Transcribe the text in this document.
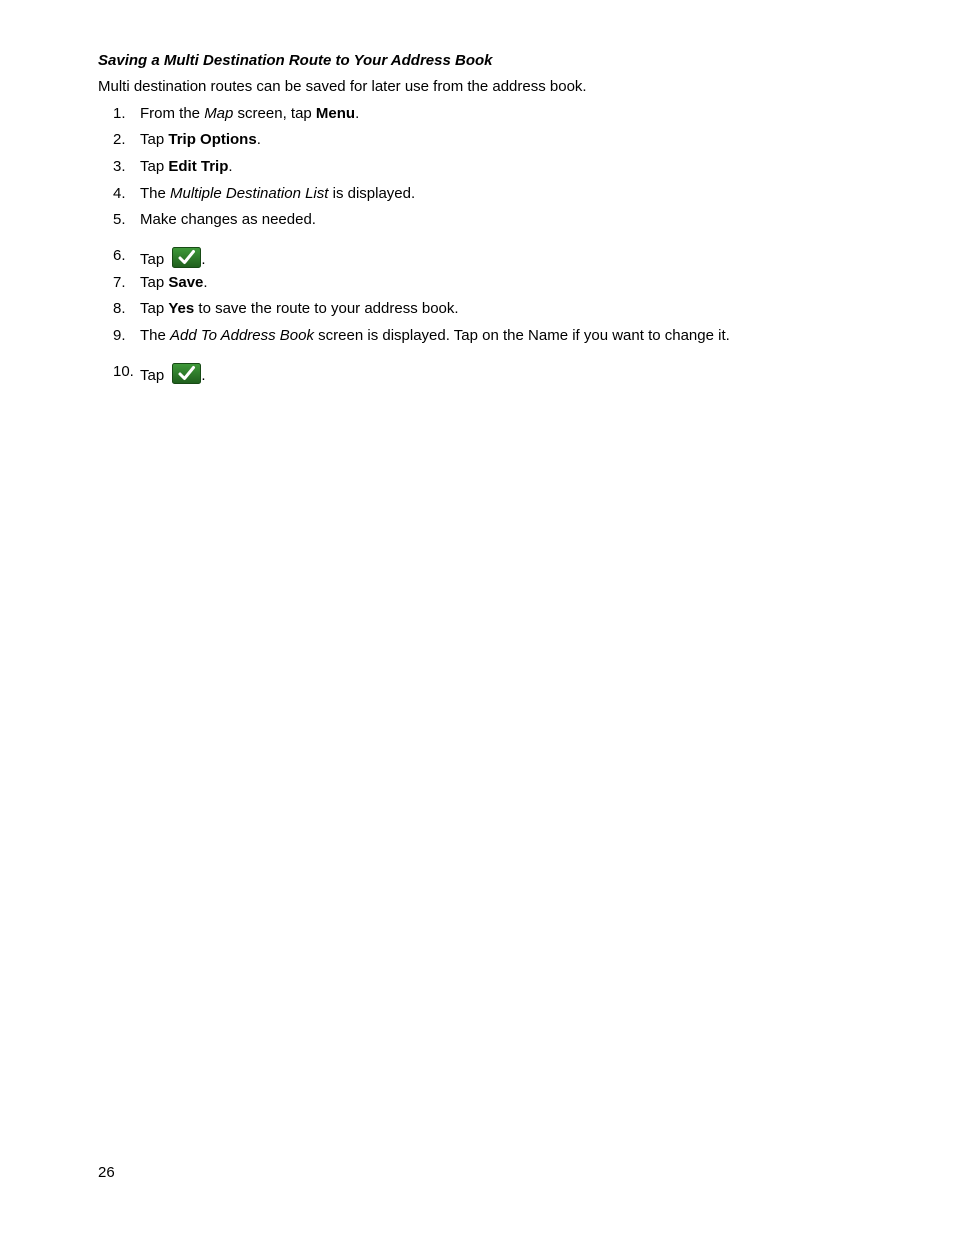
Saving a Multi Destination Route to Your Address Book
Multi destination routes can be saved for later use from the address book.
1. From the Map screen, tap Menu.
2. Tap Trip Options.
3. Tap Edit Trip.
4. The Multiple Destination List is displayed.
5. Make changes as needed.
6. Tap .
7. Tap Save.
8. Tap Yes to save the route to your address book.
9. The Add To Address Book screen is displayed. Tap on the Name if you want to change it.
10. Tap .
26
